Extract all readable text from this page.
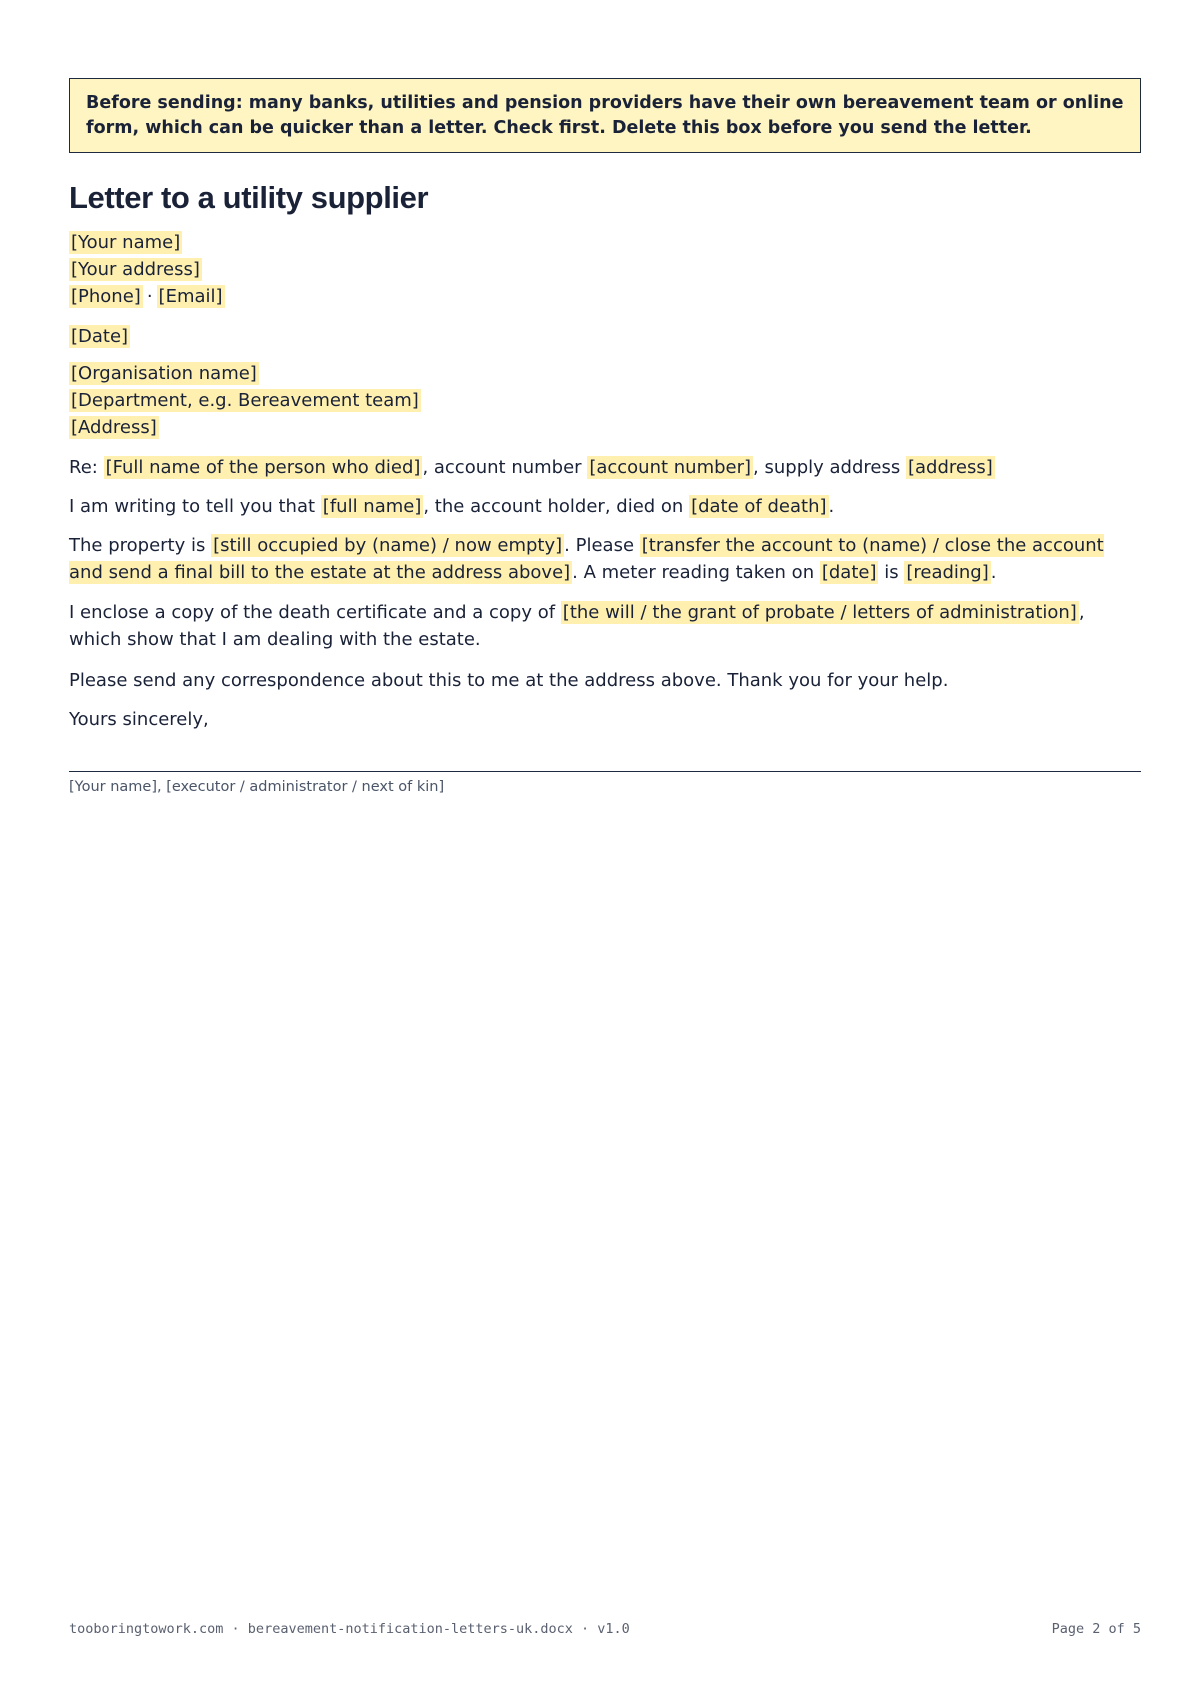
Before sending: many banks, utilities and pension providers have their own bereavement team or online form, which can be quicker than a letter. Check first. Delete this box before you send the letter.
Letter to a utility supplier
[Your name]
[Your address]
[Phone] · [Email]
[Date]
[Organisation name]
[Department, e.g. Bereavement team]
[Address]
Re: [Full name of the person who died] , account number [account number] , supply address [address]
I am writing to tell you that [full name] , the account holder, died on [date of death] .
The property is [still occupied by (name) / now empty] . Please [transfer the account to (name) / close the account and send a final bill to the estate at the address above] . A meter reading taken on [date] is [reading] .
I enclose a copy of the death certificate and a copy of [the will / the grant of probate / letters of administration] , which show that I am dealing with the estate.
Please send any correspondence about this to me at the address above. Thank you for your help.
Yours sincerely,
[Your name], [executor / administrator / next of kin]
tooboringtowork.com · bereavement-notification-letters-uk.docx · v1.0	Page 2 of 5
